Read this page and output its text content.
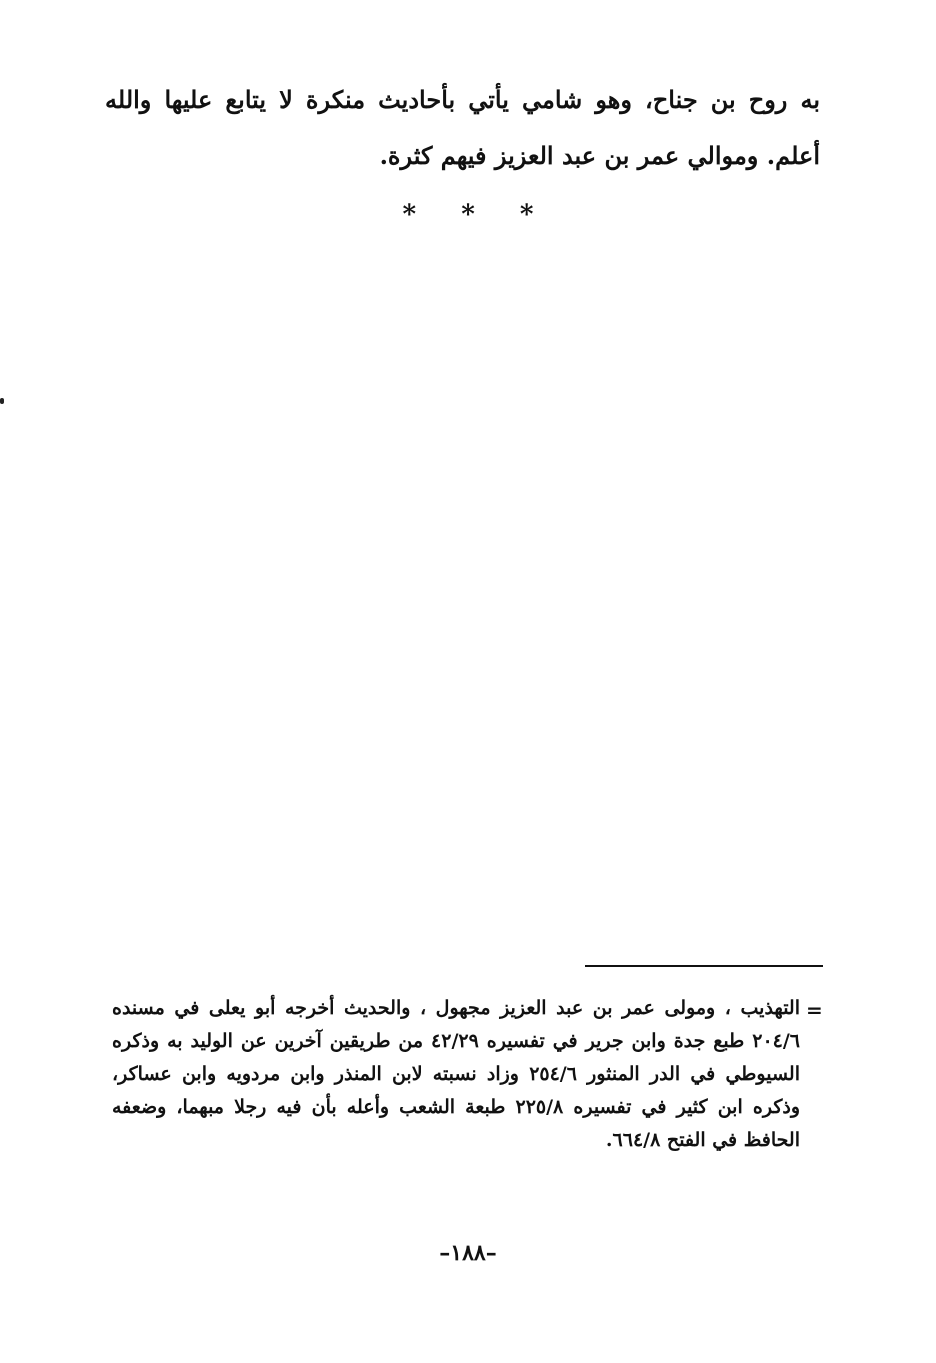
به روح بن جناح، وهو شامي يأتي بأحاديث منكرة لا يتابع عليها والله أعلم. وموالي عمر بن عبد العزيز فيهم كثرة.

* * *
=

التهذيب ، ومولى عمر بن عبد العزيز مجهول ، والحديث أخرجه أبو يعلى في مسنده ٢٠٤/٦ طبع جدة وابن جرير في تفسيره ٤٢/٢٩ من طريقين آخرين عن الوليد به وذكره السيوطي في الدر المنثور ٢٥٤/٦ وزاد نسبته لابن المنذر وابن مردويه وابن عساكر، وذكره ابن كثير في تفسيره ٢٢٥/٨ طبعة الشعب وأعله بأن فيه رجلا مبهما، وضعفه الحافظ في الفتح ٦٦٤/٨.

–١٨٨–
